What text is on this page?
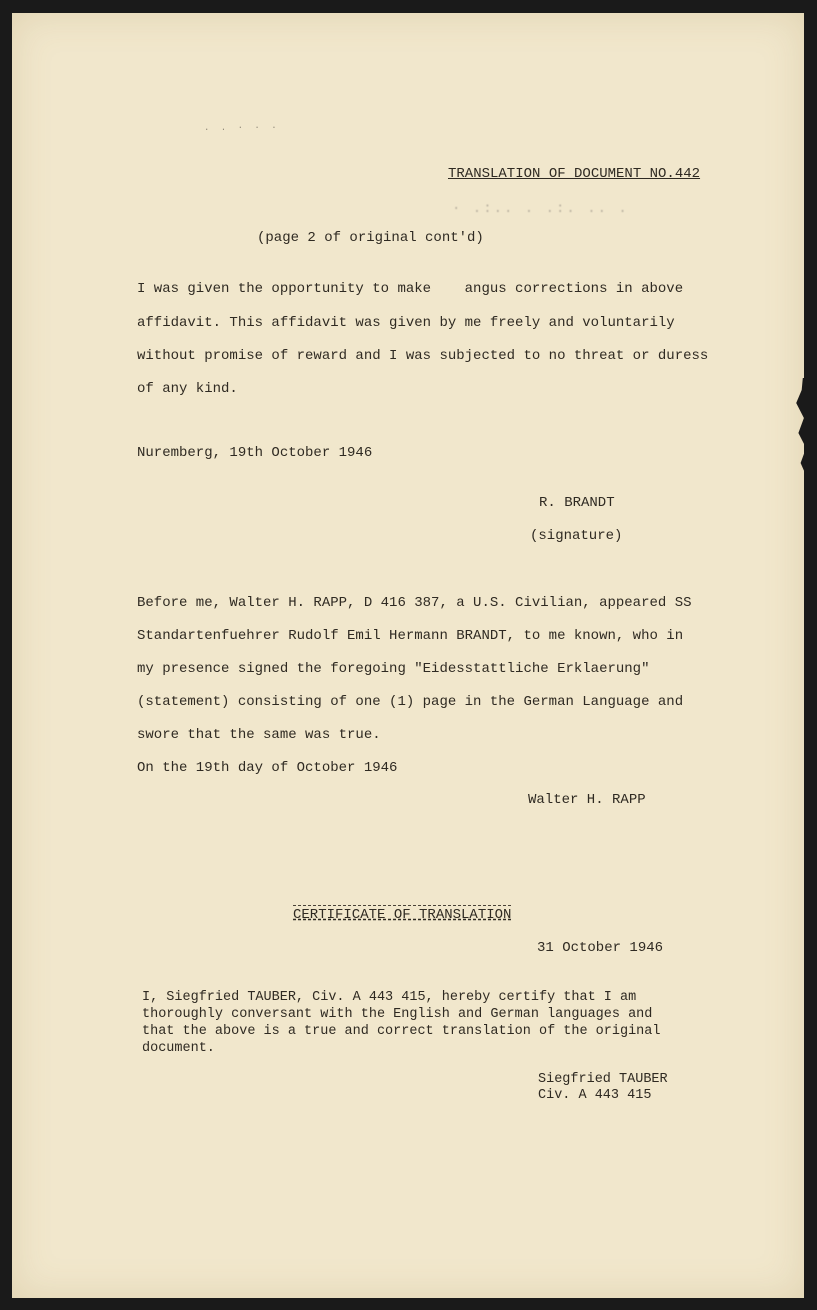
. . · · ·
TRANSLATION OF DOCUMENT NO.442
· .:.. . .:. .. .
(page 2 of original cont'd)
I was given the opportunity to make    angus corrections in above
affidavit. This affidavit was given by me freely and voluntarily
without promise of reward and I was subjected to no threat or duress
of any kind.
Nuremberg, 19th October 1946
R. BRANDT
(signature)
Before me, Walter H. RAPP, D 416 387, a U.S. Civilian, appeared SS
Standartenfuehrer Rudolf Emil Hermann BRANDT, to me known, who in
my presence signed the foregoing "Eidesstattliche Erklaerung"
(statement) consisting of one (1) page in the German Language and
swore that the same was true.
On the 19th day of October 1946
Walter H. RAPP
CERTIFICATE OF TRANSLATION
31 October 1946
I, Siegfried TAUBER, Civ. A 443 415, hereby certify that I am
thoroughly conversant with the English and German languages and
that the above is a true and correct translation of the original
document.
Siegfried TAUBER
Civ. A 443 415
